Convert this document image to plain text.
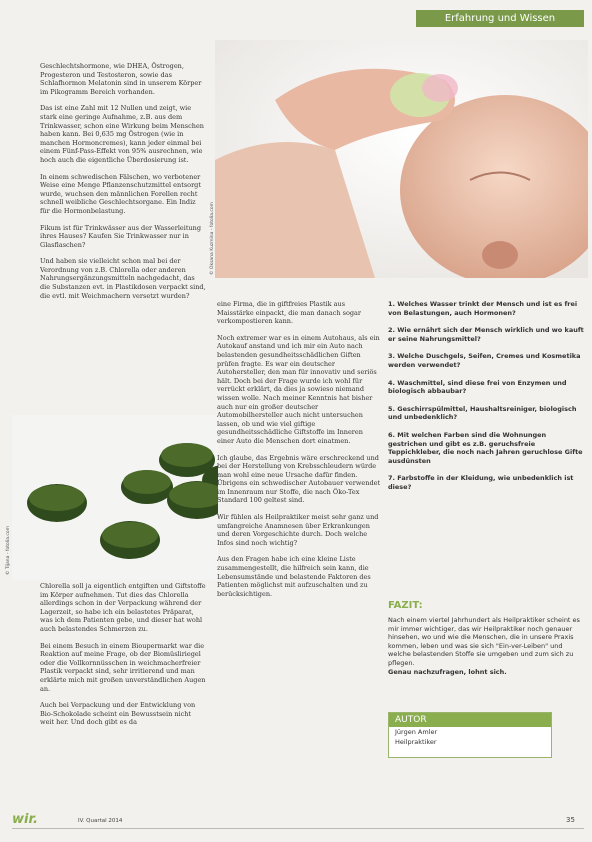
Erfahrung und Wissen

Geschlechtshormone, wie DHEA, Östrogen, Progesteron und Testosteron, sowie das Schlafhormon Melatonin sind in unserem Körper im Pikogramm Bereich vorhanden.

Das ist eine Zahl mit 12 Nullen und zeigt, wie stark eine geringe Aufnahme, z.B. aus dem Trinkwasser, schon eine Wirkung beim Menschen haben kann. Bei 0,635 mg Östrogen (wie in manchen Hormoncremes), kann jeder einmal bei einem Fünf-Pass-Effekt von 95% ausrechnen, wie hoch auch die eigentliche Überdosierung ist.

In einem schwedischen Fälschen, wo verbotener Weise eine Menge Pflanzenschutzmittel entsorgt wurde, wuchsen den männlichen Forellen recht schnell weibliche Geschlechtsorgane. Ein Indiz für die Hormonbelastung.

Fikum ist für Trinkwässer aus der Wasserleitung ihres Hauses? Kaufen Sie Trinkwasser nur in Glasflaschen?

Und haben sie vielleicht schon mal bei der Verordnung von z.B. Chlorella oder anderen Nahrungsergänzungsmitteln nachgedacht, das die Substanzen evt. in Plastikdosen verpackt sind, die evtl. mit Weichmachern versetzt wurden?

© Oksana Kuzmina - fotolia.com
© Tijana - fotolia.com

Chlorella soll ja eigentlich entgiften und Giftstoffe im Körper aufnehmen. Tut dies das Chlorella allerdings schon in der Verpackung während der Lagerzeit, so habe ich ein belastetes Präparat, was ich dem Patienten gebe, und dieser hat wohl auch belastendes Schmerzen zu.

Bei einem Besuch in einem Bioupermarkt war die Reaktion auf meine Frage, ob der Biomüsliriegel oder die Vollkornnüsschen in weichmacherfreier Plastik verpackt sind, sehr irritierend und man erklärte mich mit großen unverständlichen Augen an.

Auch bei Verpackung und der Entwicklung von Bio-Schokolade scheint ein Bewusstsein nicht weit her. Und doch gibt es da

eine Firma, die in giftfreies Plastik aus Maisstärke einpackt, die man danach sogar verkompostieren kann.

Noch extremer war es in einem Autohaus, als ein Autokauf anstand und ich mir ein Auto nach belastenden gesundheitsschädlichen Giften prüfen fragte. Es war ein deutscher Autohersteller, den man für innovativ und seriös hält. Doch bei der Frage wurde ich wohl für verrückt erklärt, da dies ja sowieso niemand wissen wolle. Nach meiner Kenntnis hat bisher auch nur ein großer deutscher Automobilhersteller auch nicht untersuchen lassen, ob und wie viel giftige gesundheitsschädliche Giftstoffe im Inneren einer Auto die Menschen dort einatmen.

Ich glaube, das Ergebnis wäre erschreckend und bei der Herstellung von Krebsschleudern würde man wohl eine neue Ursache dafür finden. Übrigens ein schwedischer Autobauer verwendet im Innenraum nur Stoffe, die nach Öko-Tex Standard 100 geltest sind.

Wir fühlen als Heilpraktiker meist sehr ganz und umfangreiche Anamnesen über Erkrankungen und deren Vorgeschichte durch. Doch welche Infos sind noch wichtig?

Aus den Fragen habe ich eine kleine Liste zusammengestellt, die hilfreich sein kann, die Lebensumstände und belastende Faktoren des Patienten möglichst mit aufzuschalten und zu berücksichtigen.

1. Welches Wasser trinkt der Mensch und ist es frei von Belastungen, auch Hormonen?
2. Wie ernährt sich der Mensch wirklich und wo kauft er seine Nahrungsmittel?
3. Welche Duschgels, Seifen, Cremes und Kosmetika werden verwendet?
4. Waschmittel, sind diese frei von Enzymen und biologisch abbaubar?
5. Geschirrspülmittel, Haushaltsreiniger, biologisch und unbedenklich?
6. Mit welchen Farben sind die Wohnungen gestrichen und gibt es z.B. geruchsfreie Teppichkleber, die noch nach Jahren geruchlose Gifte ausdünsten
7. Farbstoffe in der Kleidung, wie unbedenklich ist diese?
FAZIT:
Nach einem viertel Jahrhundert als Heilpraktiker scheint es mir immer wichtiger, das wir Heilpraktiker noch genauer hinsehen, wo und wie die Menschen, die in unsere Praxis kommen, leben und was sie sich "Ein-ver-Leiben" und welche belastenden Stoffe sie umgeben und zum sich zu pflegen.
Genau nachzufragen, lohnt sich.
AUTOR
Jürgen Amler
Heilpraktiker
wir.	IV. Quartal 2014	35
